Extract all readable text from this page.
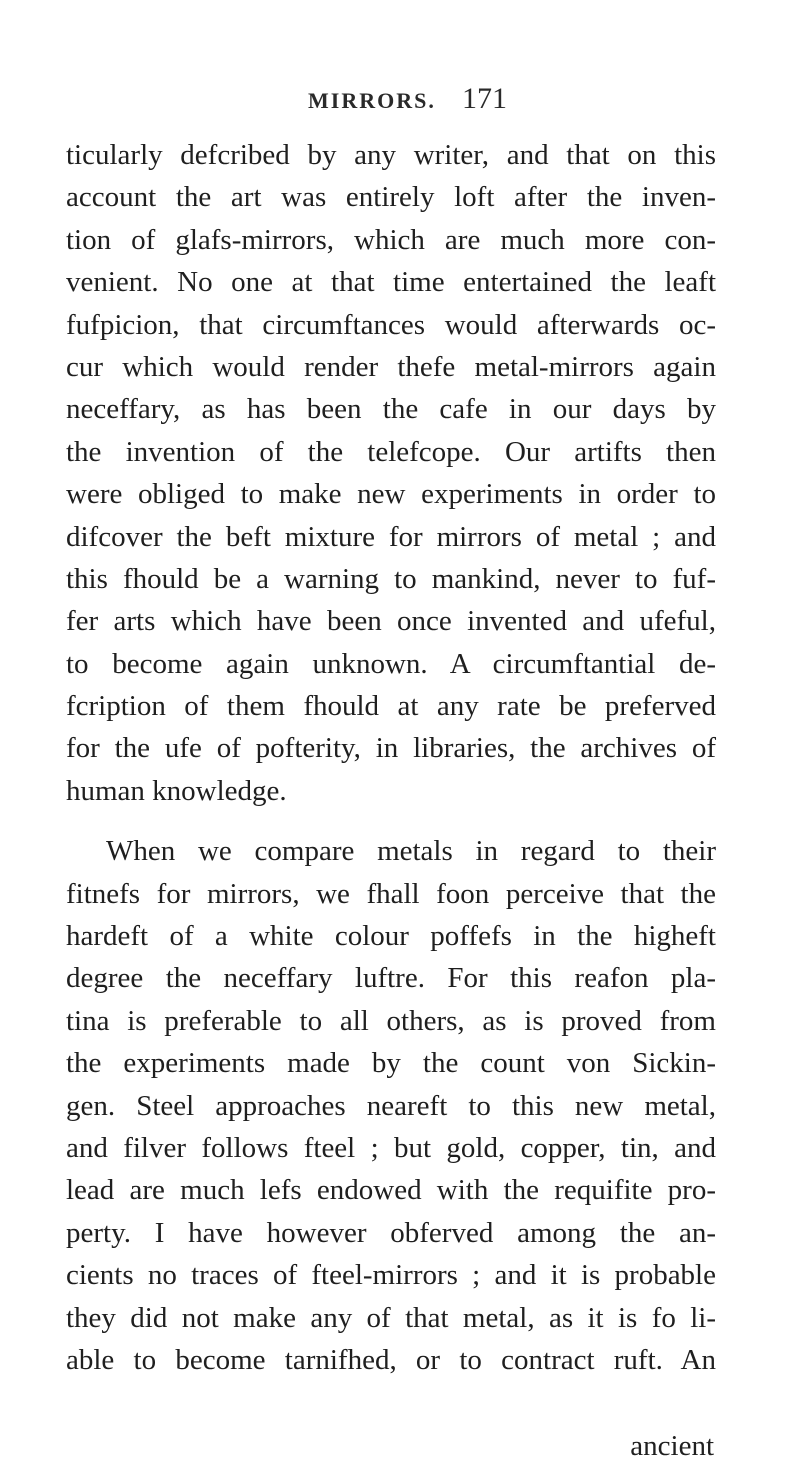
MIRRORS. 171
ticularly defcribed by any writer, and that on this
account the art was entirely loft after the inven-
tion of glafs-mirrors, which are much more con-
venient. No one at that time entertained the leaft
fufpicion, that circumftances would afterwards oc-
cur which would render thefe metal-mirrors again
neceffary, as has been the cafe in our days by
the invention of the telefcope. Our artifts then
were obliged to make new experiments in order to
difcover the beft mixture for mirrors of metal ; and
this fhould be a warning to mankind, never to fuf-
fer arts which have been once invented and ufeful,
to become again unknown. A circumftantial de-
fcription of them fhould at any rate be preferved
for the ufe of pofterity, in libraries, the archives of
human knowledge.
When we compare metals in regard to their
fitnefs for mirrors, we fhall foon perceive that the
hardeft of a white colour poffefs in the higheft
degree the neceffary luftre. For this reafon pla-
tina is preferable to all others, as is proved from
the experiments made by the count von Sickin-
gen. Steel approaches neareft to this new metal,
and filver follows fteel ; but gold, copper, tin, and
lead are much lefs endowed with the requifite pro-
perty. I have however obferved among the an-
cients no traces of fteel-mirrors ; and it is probable
they did not make any of that metal, as it is fo li-
able to become tarnifhed, or to contract ruft. An
ancient
